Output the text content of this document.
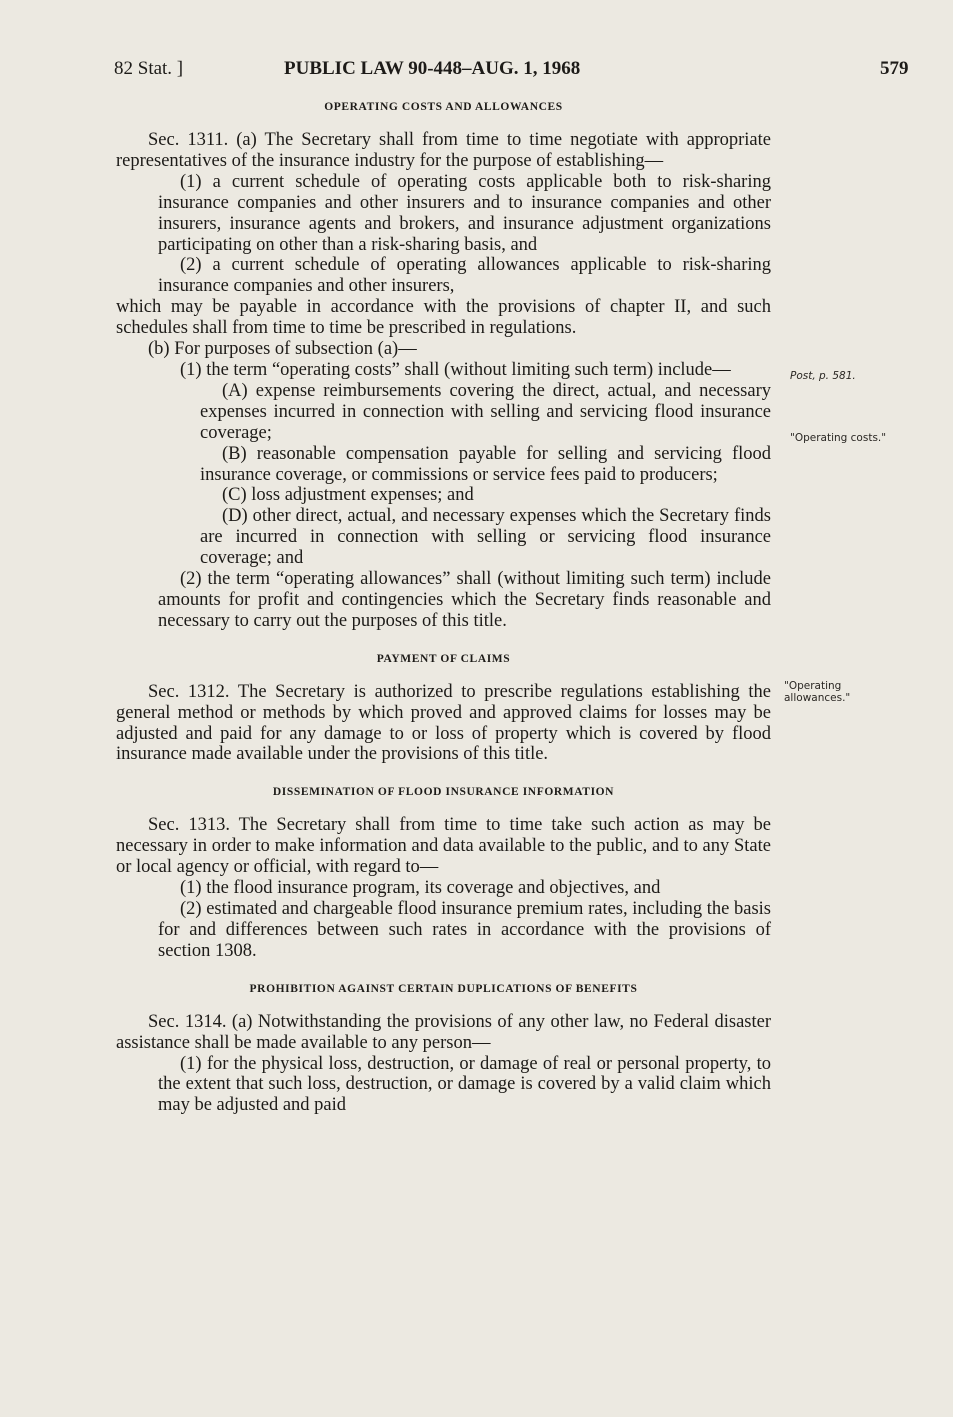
82 Stat. ]	PUBLIC LAW 90-448–AUG. 1, 1968	579
OPERATING COSTS AND ALLOWANCES

Sec. 1311. (a) The Secretary shall from time to time negotiate with appropriate representatives of the insurance industry for the purpose of establishing—

(1) a current schedule of operating costs applicable both to risk-sharing insurance companies and other insurers and to insurance companies and other insurers, insurance agents and brokers, and insurance adjustment organizations participating on other than a risk-sharing basis, and

(2) a current schedule of operating allowances applicable to risk-sharing insurance companies and other insurers,

which may be payable in accordance with the provisions of chapter II, and such schedules shall from time to time be prescribed in regulations.

(b) For purposes of subsection (a)—

(1) the term “operating costs” shall (without limiting such term) include—

(A) expense reimbursements covering the direct, actual, and necessary expenses incurred in connection with selling and servicing flood insurance coverage;

(B) reasonable compensation payable for selling and servicing flood insurance coverage, or commissions or service fees paid to producers;

(C) loss adjustment expenses; and

(D) other direct, actual, and necessary expenses which the Secretary finds are incurred in connection with selling or servicing flood insurance coverage; and

(2) the term “operating allowances” shall (without limiting such term) include amounts for profit and contingencies which the Secretary finds reasonable and necessary to carry out the purposes of this title.

PAYMENT OF CLAIMS

Sec. 1312. The Secretary is authorized to prescribe regulations establishing the general method or methods by which proved and approved claims for losses may be adjusted and paid for any damage to or loss of property which is covered by flood insurance made available under the provisions of this title.

DISSEMINATION OF FLOOD INSURANCE INFORMATION

Sec. 1313. The Secretary shall from time to time take such action as may be necessary in order to make information and data available to the public, and to any State or local agency or official, with regard to—

(1) the flood insurance program, its coverage and objectives, and

(2) estimated and chargeable flood insurance premium rates, including the basis for and differences between such rates in accordance with the provisions of section 1308.

PROHIBITION AGAINST CERTAIN DUPLICATIONS OF BENEFITS

Sec. 1314. (a) Notwithstanding the provisions of any other law, no Federal disaster assistance shall be made available to any person—

(1) for the physical loss, destruction, or damage of real or personal property, to the extent that such loss, destruction, or damage is covered by a valid claim which may be adjusted and paid

Post, p. 581.
"Operating costs."
"Operating allowances."
